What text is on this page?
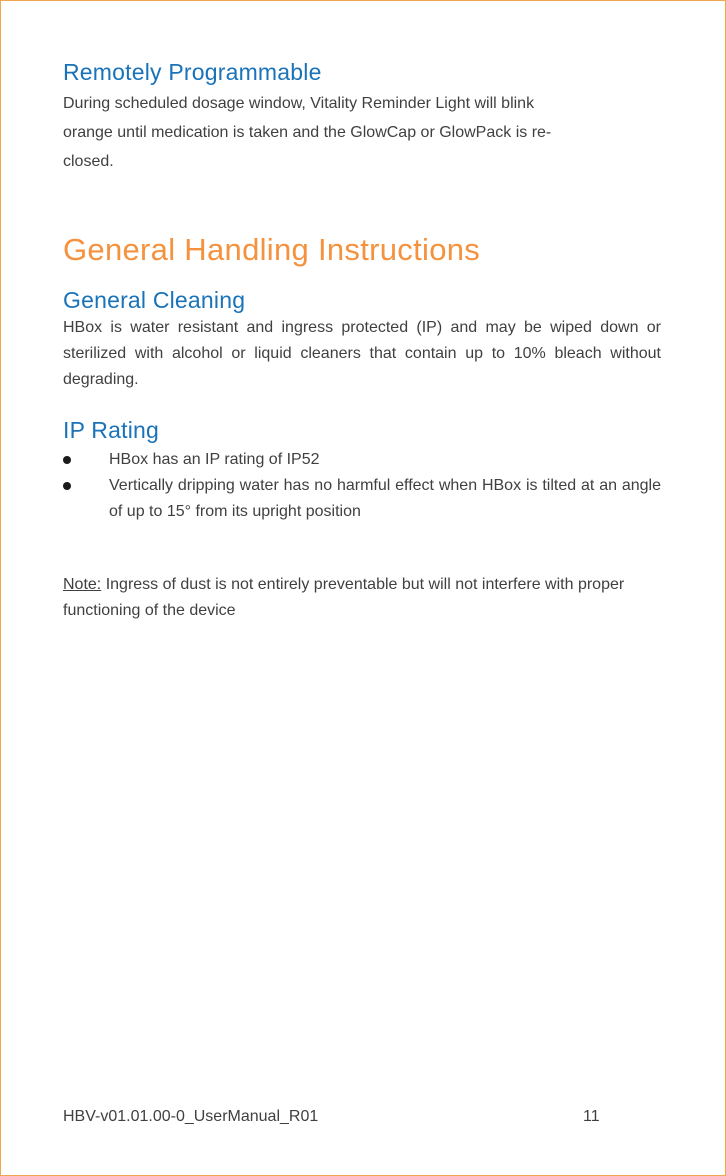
Remotely Programmable

During scheduled dosage window, Vitality Reminder Light will blink

orange until medication is taken and the GlowCap or GlowPack is re-

closed.

General Handling Instructions
General Cleaning

HBox is water resistant and ingress protected (IP) and may be wiped down or sterilized with alcohol or liquid cleaners that contain up to 10% bleach without degrading.

IP Rating
HBox has an IP rating of IP52
Vertically dripping water has no harmful effect when HBox is tilted at an angle of up to 15° from its upright position

Note: Ingress of dust is not entirely preventable but will not interfere with proper functioning of the device

HBV-v01.01.00-0_UserManual_R01	11
